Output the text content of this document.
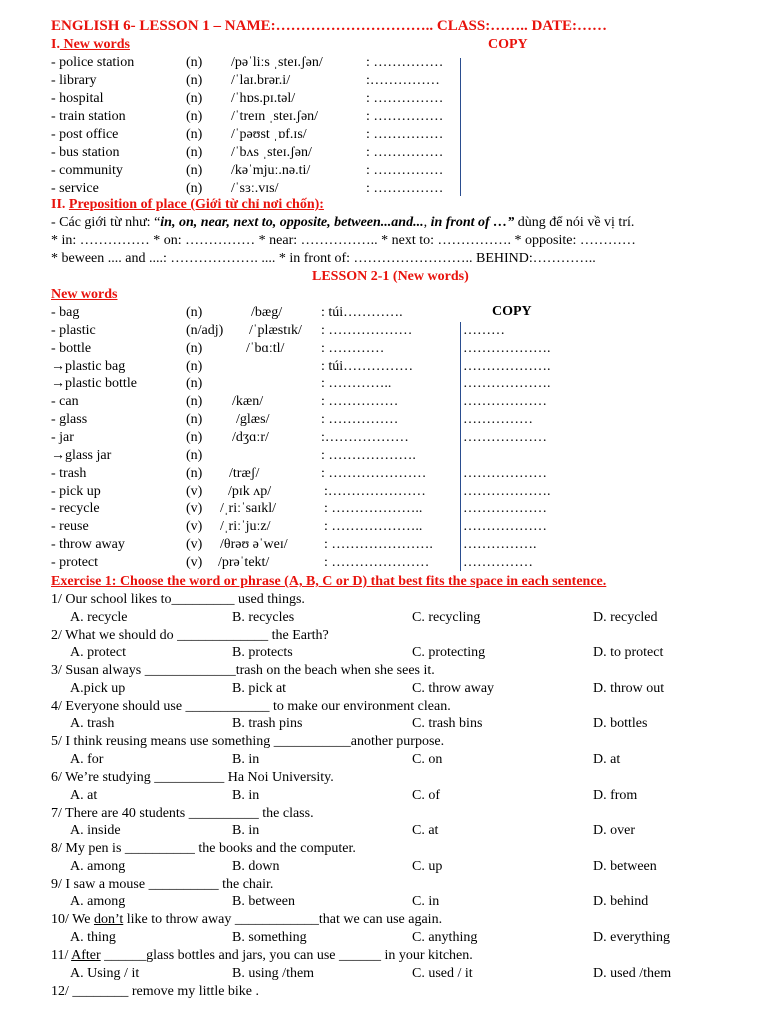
ENGLISH 6- LESSON 1 – NAME:………………………….. CLASS:…….. DATE:……
I. New words	COPY
- police station	(n) /pəˈliːs ˌsteɪ.ʃən/	: ……………
- library	(n) /ˈlaɪ.brər.i/	:……………
- hospital	(n) /ˈhɒs.pɪ.təl/	: ……………
- train station	(n) /ˈtreɪn ˌsteɪ.ʃən/	: ……………
- post office	(n) /ˈpəʊst ˌɒf.ɪs/	: ……………
- bus station	(n) /ˈbʌs ˌsteɪ.ʃən/	: ……………
- community	(n) /kəˈmjuː.nə.ti/	: ……………
- service	(n) /ˈsɜː.vɪs/	: ……………
II. Preposition of place (Giới từ chỉ nơi chốn):
- Các giới từ như: “in, on, near, next to, opposite, between...and..., in front of …” dùng để nói về vị trí.
* in: …………… * on: …………… * near: …………….. * next to: ……………. * opposite: …………
* beween .... and ....: ………………. .... * in front of: …………………….. BEHIND:…………..
LESSON 2-1 (New words)
New words
COPY
- bag	(n)	/bæg/	: túi………….
- plastic	(n/adj) /ˈplæstɪk/ : ………………	………
- bottle	(n)	/ˈbɑːtl/	: …………	……………….
→plastic bag	(n)	: túi……………	……………….
→plastic bottle	(n)	: …………..	……………….
- can	(n) /kæn/	: ……………	………………
- glass	(n) /glæs/	: ……………	……………
- jar	(n) /dʒɑːr/	:………………	………………
→glass jar	(n)	: ……………….
- trash	(n) /træʃ/	: …………………	………………
- pick up	(v) /pɪk ʌp/	:…………………	……………….
- recycle	(v) /ˌriːˈsaɪkl/	: ………………..	………………
- reuse	(v) /ˌriːˈjuːz/	: ………………..	………………
- throw away	(v) /θrəʊ əˈweɪ/	: …………………. …………….
- protect	(v) /prəˈtekt/	: ………………… ……………
Exercise 1: Choose the word or phrase (A, B, C or D) that best fits the space in each sentence.
1/ Our school likes to_________ used things.
A. recycle	B. recycles	C. recycling	D. recycled
2/ What we should do _____________ the Earth?
A. protect	B. protects	C. protecting	D. to protect
3/ Susan always _____________trash on the beach when she sees it.
A.pick up	B. pick at	C. throw away	D. throw out
4/ Everyone should use ____________ to make our environment clean.
A. trash	B. trash pins	C. trash bins	D. bottles
5/ I think reusing means use something ___________another purpose.
A. for	B. in	C. on	D. at
6/ We’re studying __________ Ha Noi University.
A. at	B. in	C. of	D. from
7/ There are 40 students __________ the class.
A. inside	B. in	C. at	D. over
8/ My pen is __________ the books and the computer.
A. among	B. down	C. up	D. between
9/ I saw a mouse __________ the chair.
A. among	B. between	C. in	D. behind
10/ We don’t like to throw away ____________that we can use again.
A. thing	B. something	C. anything	D. everything
11/ After ______glass bottles and jars, you can use ______ in your kitchen.
A. Using / it	B. using /them	C. used / it	D. used /them
12/ ________ remove my little bike .
